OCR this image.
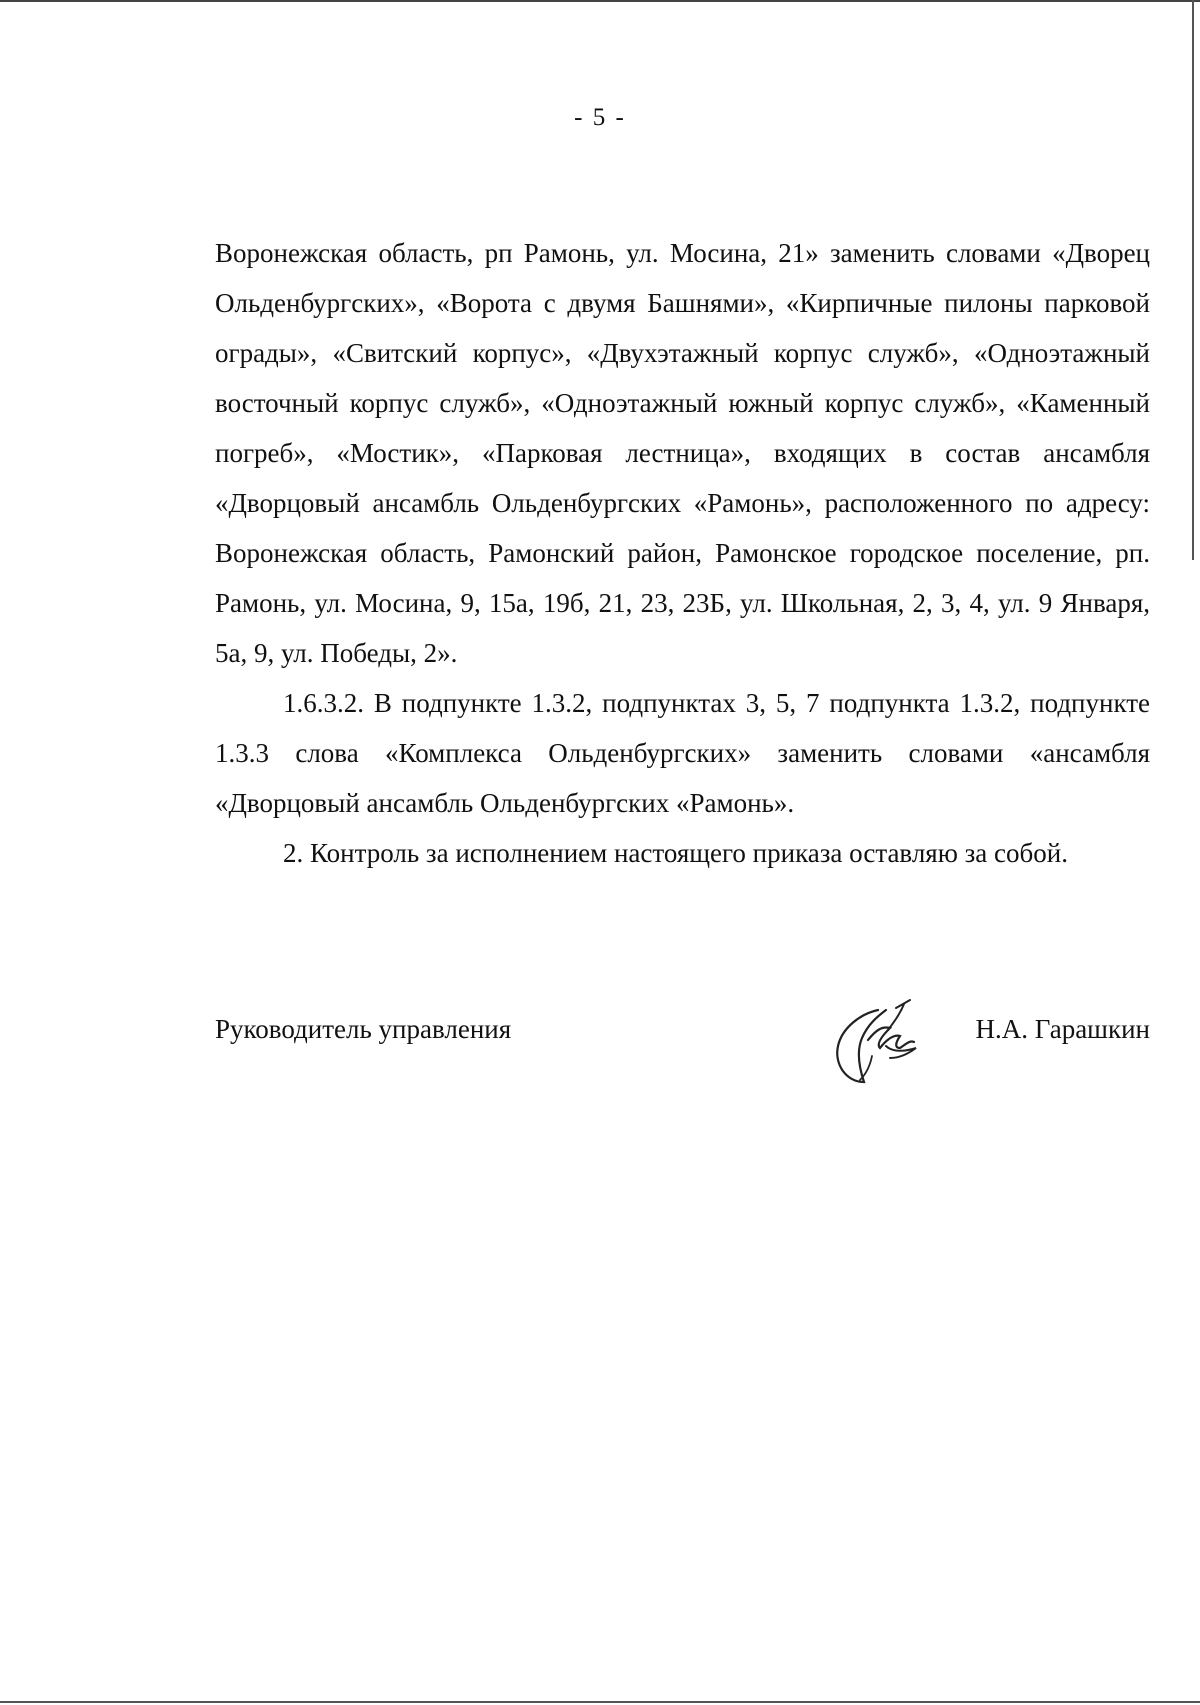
- 5 -

Воронежская область, рп Рамонь, ул. Мосина, 21» заменить словами «Дворец Ольденбургских», «Ворота с двумя Башнями», «Кирпичные пилоны парковой ограды», «Свитский корпус», «Двухэтажный корпус служб», «Одноэтажный восточный корпус служб», «Одноэтажный южный корпус служб», «Каменный погреб», «Мостик», «Парковая лестница», входящих в состав ансамбля «Дворцовый ансамбль Ольденбургских «Рамонь», расположенного по адресу: Воронежская область, Рамонский район, Рамонское городское поселение, рп. Рамонь, ул. Мосина, 9, 15а, 19б, 21, 23, 23Б, ул. Школьная, 2, 3, 4, ул. 9 Января, 5а, 9, ул. Победы, 2».

1.6.3.2. В подпункте 1.3.2, подпунктах 3, 5, 7 подпункта 1.3.2, подпункте 1.3.3 слова «Комплекса Ольденбургских» заменить словами «ансамбля «Дворцовый ансамбль Ольденбургских «Рамонь».

2. Контроль за исполнением настоящего приказа оставляю за собой.

Руководитель управления	Н.А. Гарашкин
